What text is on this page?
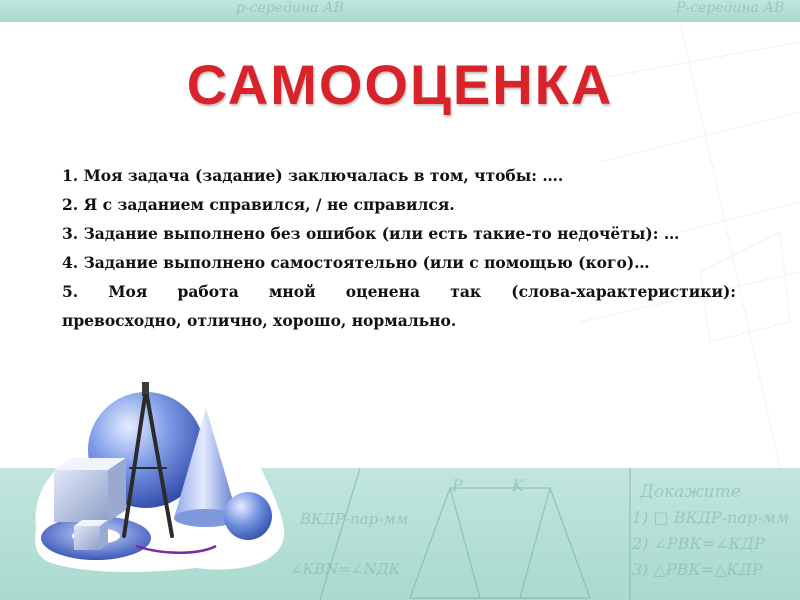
р-середина АВ	Р-середина АВ
P	K	Докажите
1) □ ВКДР-пар-мм
2) ∠РВК=∠КДР
3) △РВК=△КДР
ВКДР-пар-мм
∠КВN=∠NДК
САМООЦЕНКА

1. Моя задача (задание) заключалась в том, чтобы: ….

2. Я с заданием справился, / не справился.

3. Задание выполнено без ошибок (или есть такие-то недочёты): …

4. Задание выполнено самостоятельно (или с помощью (кого)…

5. Моя работа мной оценена так (слова-характеристики):

превосходно, отлично, хорошо, нормально.
